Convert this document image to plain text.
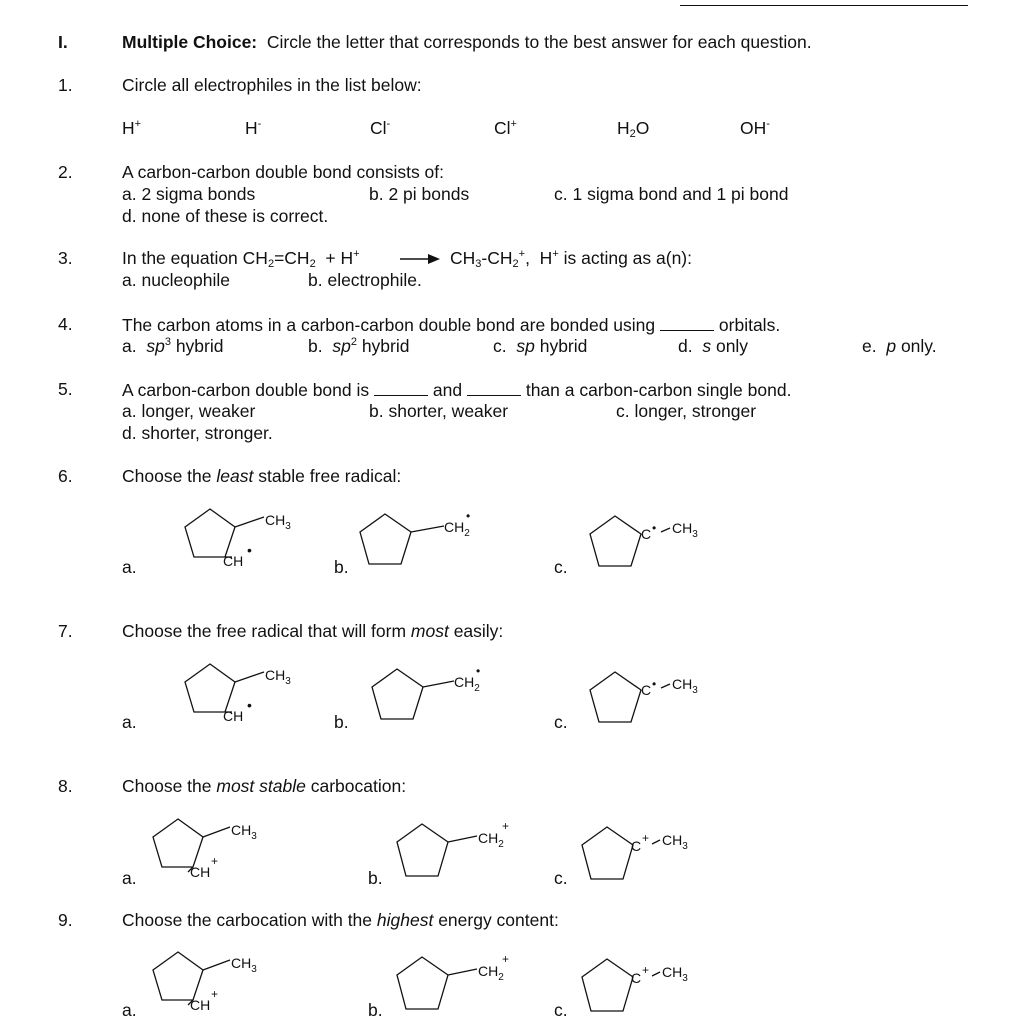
I.	Multiple Choice: Circle the letter that corresponds to the best answer for each question.
1.	Circle all electrophiles in the list below:
H+	H-	Cl-	Cl+	$H_2O$	OH-
2.	A carbon-carbon double bond consists of:
a. 2 sigma bonds	b. 2 pi bonds	c. 1 sigma bond and 1 pi bond
d. none of these is correct.
3.	In the equation $CH_2=CH_2 + H^+ \to CH_3-CH_2^+$,  H+ is acting as a(n):
a. nucleophile	b. electrophile.
4.	The carbon atoms in a carbon-carbon double bond are bonded using	orbitals.
a. $sp^3$ hybrid	b. $sp^2$ hybrid	c. sp hybrid	d. s only	e. p only.
5.	A carbon-carbon double bond is	and	than a carbon-carbon single bond.
a. longer, weaker	b. shorter, weaker	c. longer, stronger
d. shorter, stronger.
6.	Choose the least stable free radical:
a.	b.	c.
$CH_3$
CH
•
$CH_2$
•
C • $CH_3$
7.	Choose the free radical that will form most easily:
a.	b.	c.
$CH_3$
CH
•
$CH_2$
•
C • $CH_3$
8.	Choose the most stable carbocation:
a.	b.	c.
$CH_3$
CH
+
$CH_2$
+
$C + CH_3$
9.	Choose the carbocation with the highest energy content:
a.	b.	c.
$CH_3$
CH
+
$CH_2$
+
$C + CH_3$
